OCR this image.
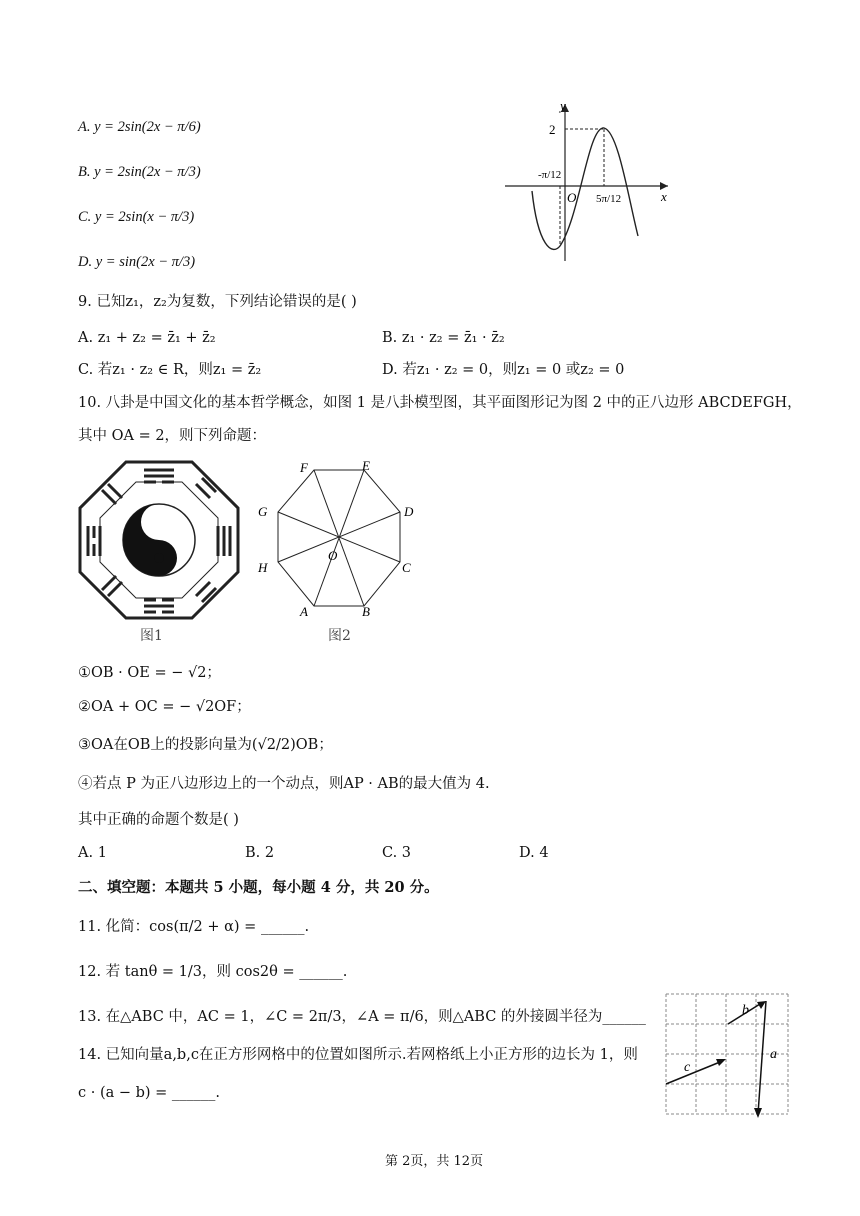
A. y = 2sin(2x − π/6)
B. y = 2sin(2x − π/3)
C. y = 2sin(x − π/3)
D. y = sin(2x − π/3)
y
x
O
2
-π/12
5π/12
9. 已知z₁，z₂为复数，下列结论错误的是( )
A. z₁ + z₂ = z̄₁ + z̄₂	B. z₁ · z₂ = z̄₁ · z̄₂
C. 若z₁ · z₂ ∈ R，则z₁ = z̄₂	D. 若z₁ · z₂ = 0，则z₁ = 0 或z₂ = 0
10. 八卦是中国文化的基本哲学概念，如图 1 是八卦模型图，其平面图形记为图 2 中的正八边形 ABCDEFGH，
其中 OA = 2，则下列命题：
图1
F	E
G	D
H
O
C
A	B
图2
①OB · OE = − √2；
②OA + OC = − √2OF；
③OA在OB上的投影向量为(√2/2)OB；
④若点 P 为正八边形边上的一个动点，则AP · AB的最大值为 4.
其中正确的命题个数是( )
A. 1	B. 2	C. 3	D. 4
二、填空题：本题共 5 小题，每小题 4 分，共 20 分。
11. 化简：cos(π/2 + α) = ______.
12. 若 tanθ = 1/3，则 cos2θ = ______.
13. 在△ABC 中，AC = 1，∠C = 2π/3，∠A = π/6，则△ABC 的外接圆半径为______
14. 已知向量a,b,c在正方形网格中的位置如图所示.若网格纸上小正方形的边长为 1，则
c · (a − b) = ______.
b
c
a
第 2页，共 12页
